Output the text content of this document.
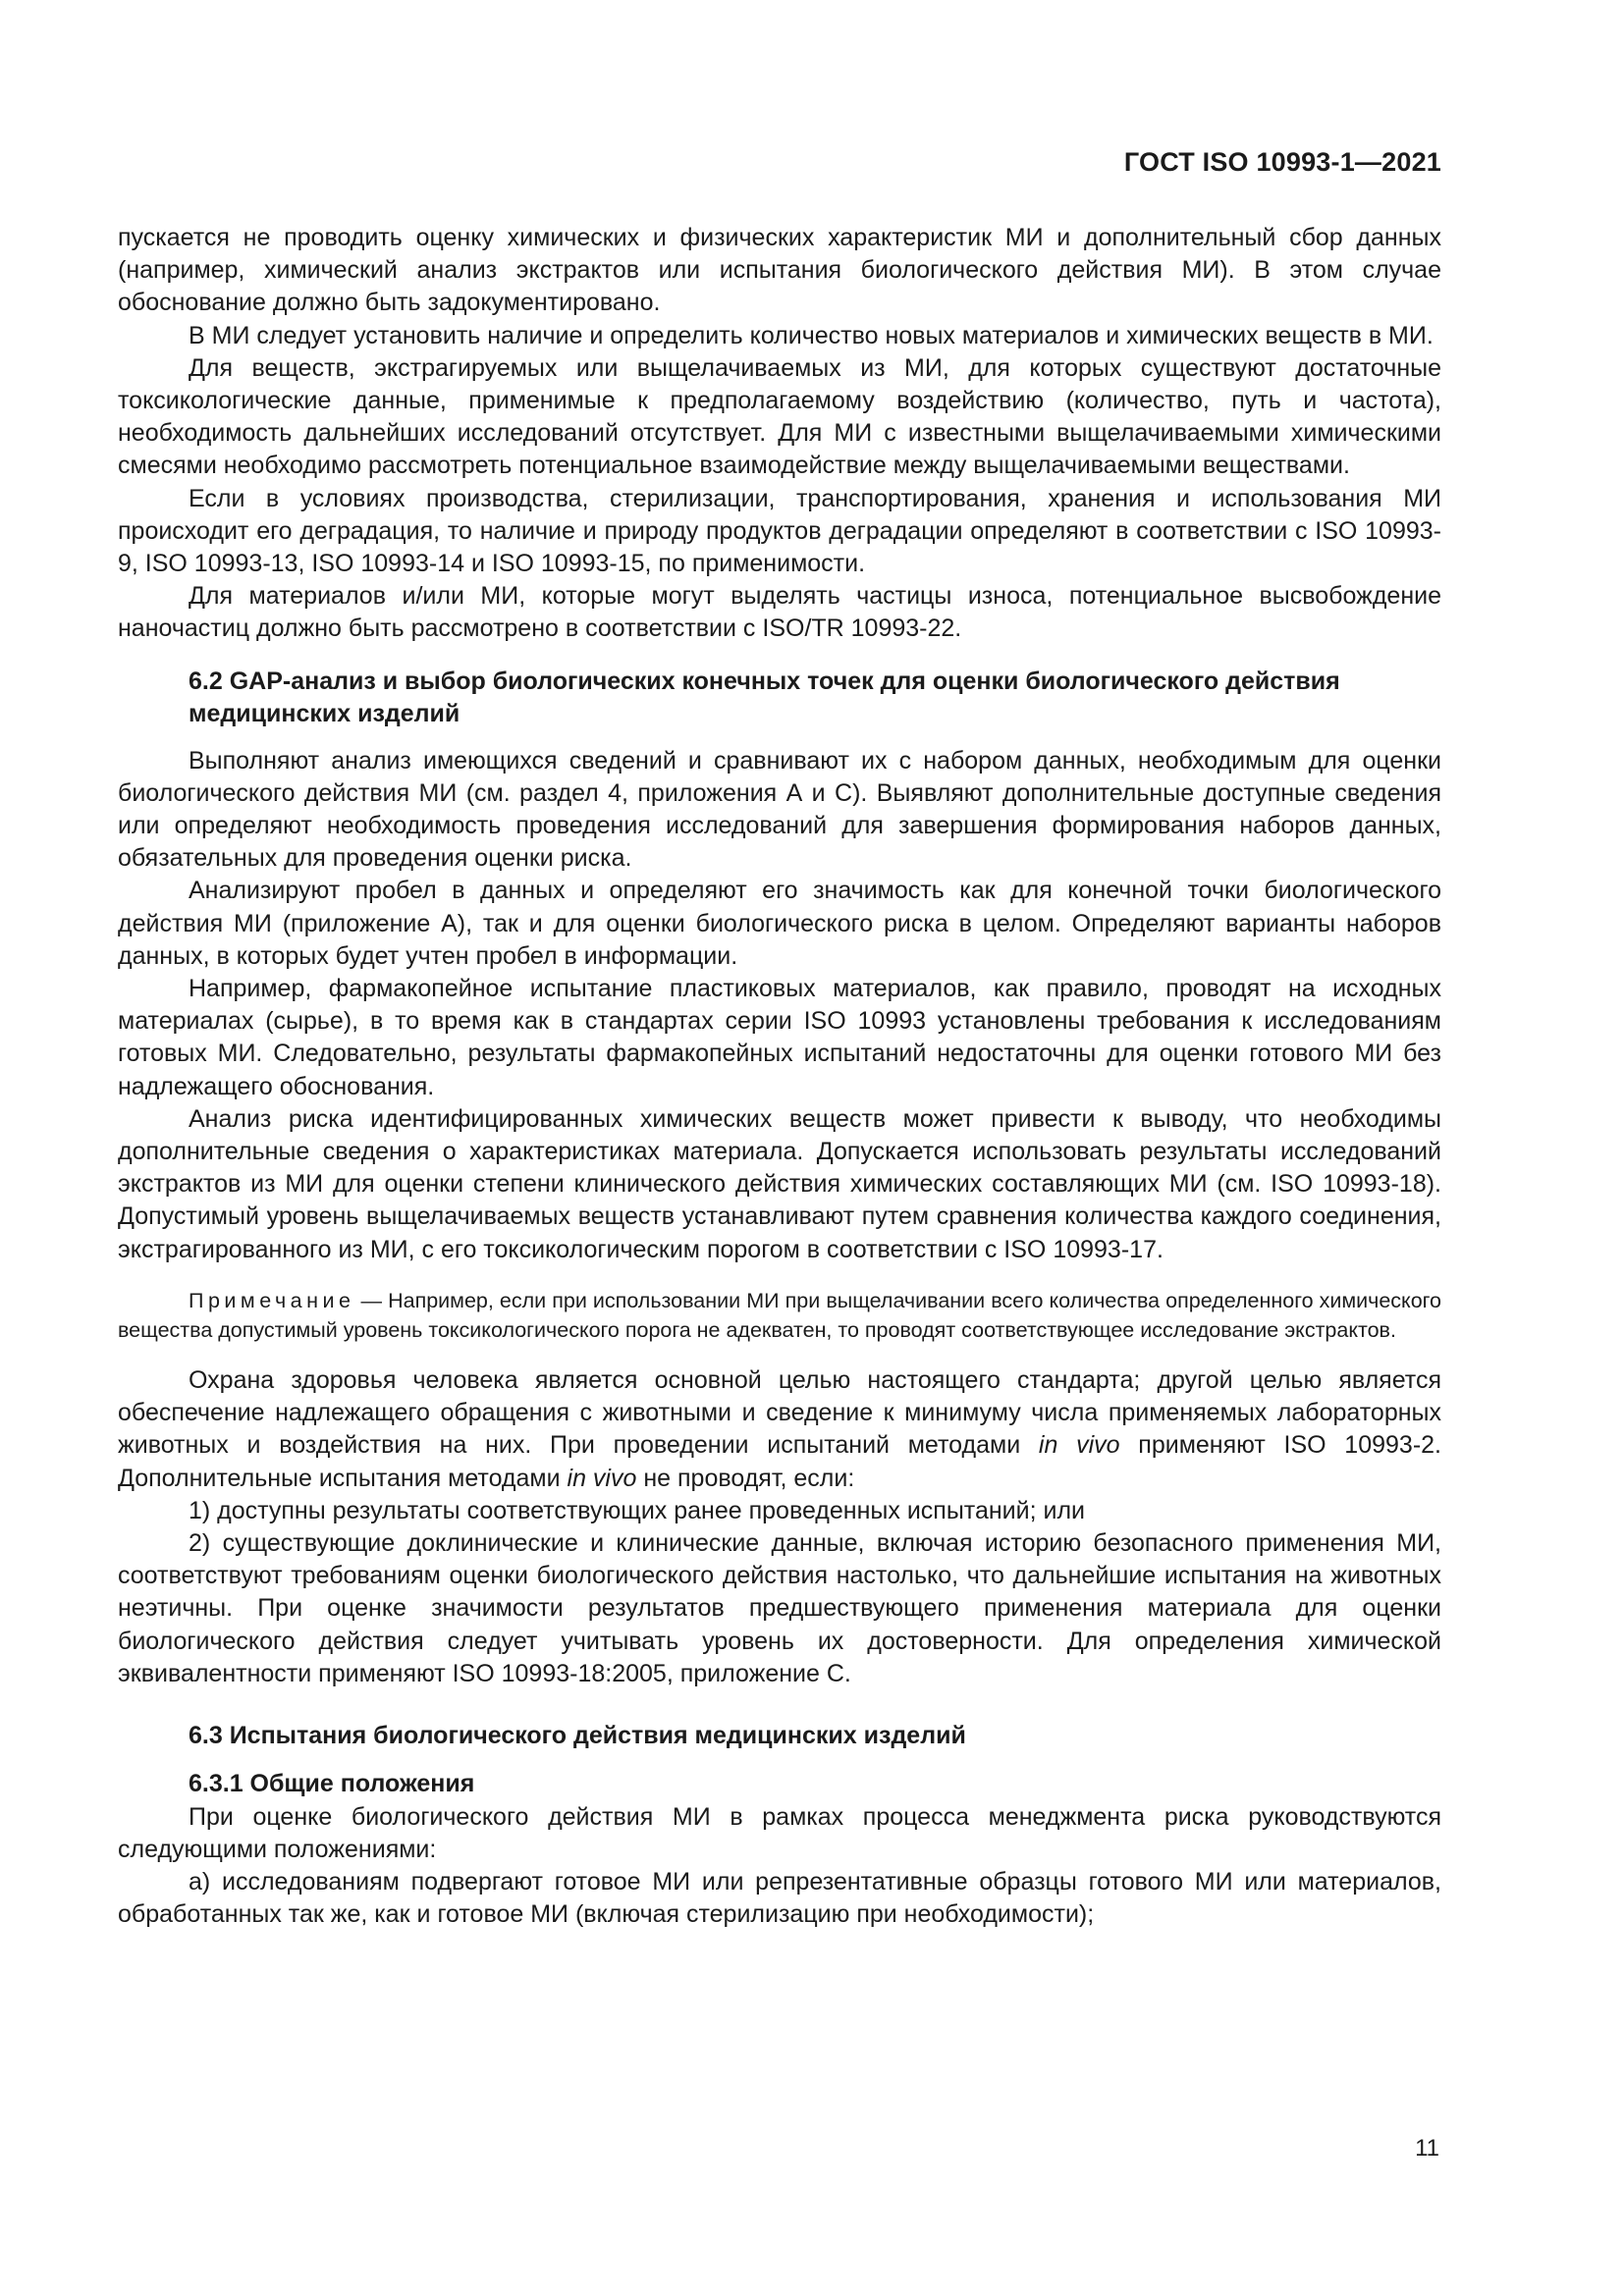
ГОСТ ISO 10993-1—2021

пускается не проводить оценку химических и физических характеристик МИ и дополнительный сбор данных (например, химический анализ экстрактов или испытания биологического действия МИ). В этом случае обоснование должно быть задокументировано.

В МИ следует установить наличие и определить количество новых материалов и химических веществ в МИ.

Для веществ, экстрагируемых или выщелачиваемых из МИ, для которых существуют достаточные токсикологические данные, применимые к предполагаемому воздействию (количество, путь и частота), необходимость дальнейших исследований отсутствует. Для МИ с известными выщелачиваемыми химическими смесями необходимо рассмотреть потенциальное взаимодействие между выщелачиваемыми веществами.

Если в условиях производства, стерилизации, транспортирования, хранения и использования МИ происходит его деградация, то наличие и природу продуктов деградации определяют в соответствии с ISO 10993-9, ISO 10993-13, ISO 10993-14 и ISO 10993-15, по применимости.

Для материалов и/или МИ, которые могут выделять частицы износа, потенциальное высвобождение наночастиц должно быть рассмотрено в соответствии с ISO/TR 10993-22.

6.2 GAP-анализ и выбор биологических конечных точек для оценки биологического действия медицинских изделий

Выполняют анализ имеющихся сведений и сравнивают их с набором данных, необходимым для оценки биологического действия МИ (см. раздел 4, приложения А и С). Выявляют дополнительные доступные сведения или определяют необходимость проведения исследований для завершения формирования наборов данных, обязательных для проведения оценки риска.

Анализируют пробел в данных и определяют его значимость как для конечной точки биологического действия МИ (приложение А), так и для оценки биологического риска в целом. Определяют варианты наборов данных, в которых будет учтен пробел в информации.

Например, фармакопейное испытание пластиковых материалов, как правило, проводят на исходных материалах (сырье), в то время как в стандартах серии ISO 10993 установлены требования к исследованиям готовых МИ. Следовательно, результаты фармакопейных испытаний недостаточны для оценки готового МИ без надлежащего обоснования.

Анализ риска идентифицированных химических веществ может привести к выводу, что необходимы дополнительные сведения о характеристиках материала. Допускается использовать результаты исследований экстрактов из МИ для оценки степени клинического действия химических составляющих МИ (см. ISO 10993-18). Допустимый уровень выщелачиваемых веществ устанавливают путем сравнения количества каждого соединения, экстрагированного из МИ, с его токсикологическим порогом в соответствии с ISO 10993-17.

Примечание — Например, если при использовании МИ при выщелачивании всего количества определенного химического вещества допустимый уровень токсикологического порога не адекватен, то проводят соответствующее исследование экстрактов.

Охрана здоровья человека является основной целью настоящего стандарта; другой целью является обеспечение надлежащего обращения с животными и сведение к минимуму числа применяемых лабораторных животных и воздействия на них. При проведении испытаний методами in vivo применяют ISO 10993-2. Дополнительные испытания методами in vivo не проводят, если:

1) доступны результаты соответствующих ранее проведенных испытаний; или

2) существующие доклинические и клинические данные, включая историю безопасного применения МИ, соответствуют требованиям оценки биологического действия настолько, что дальнейшие испытания на животных неэтичны. При оценке значимости результатов предшествующего применения материала для оценки биологического действия следует учитывать уровень их достоверности. Для определения химической эквивалентности применяют ISO 10993-18:2005, приложение С.

6.3 Испытания биологического действия медицинских изделий
6.3.1 Общие положения

При оценке биологического действия МИ в рамках процесса менеджмента риска руководствуются следующими положениями:

а) исследованиям подвергают готовое МИ или репрезентативные образцы готового МИ или материалов, обработанных так же, как и готовое МИ (включая стерилизацию при необходимости);

11
